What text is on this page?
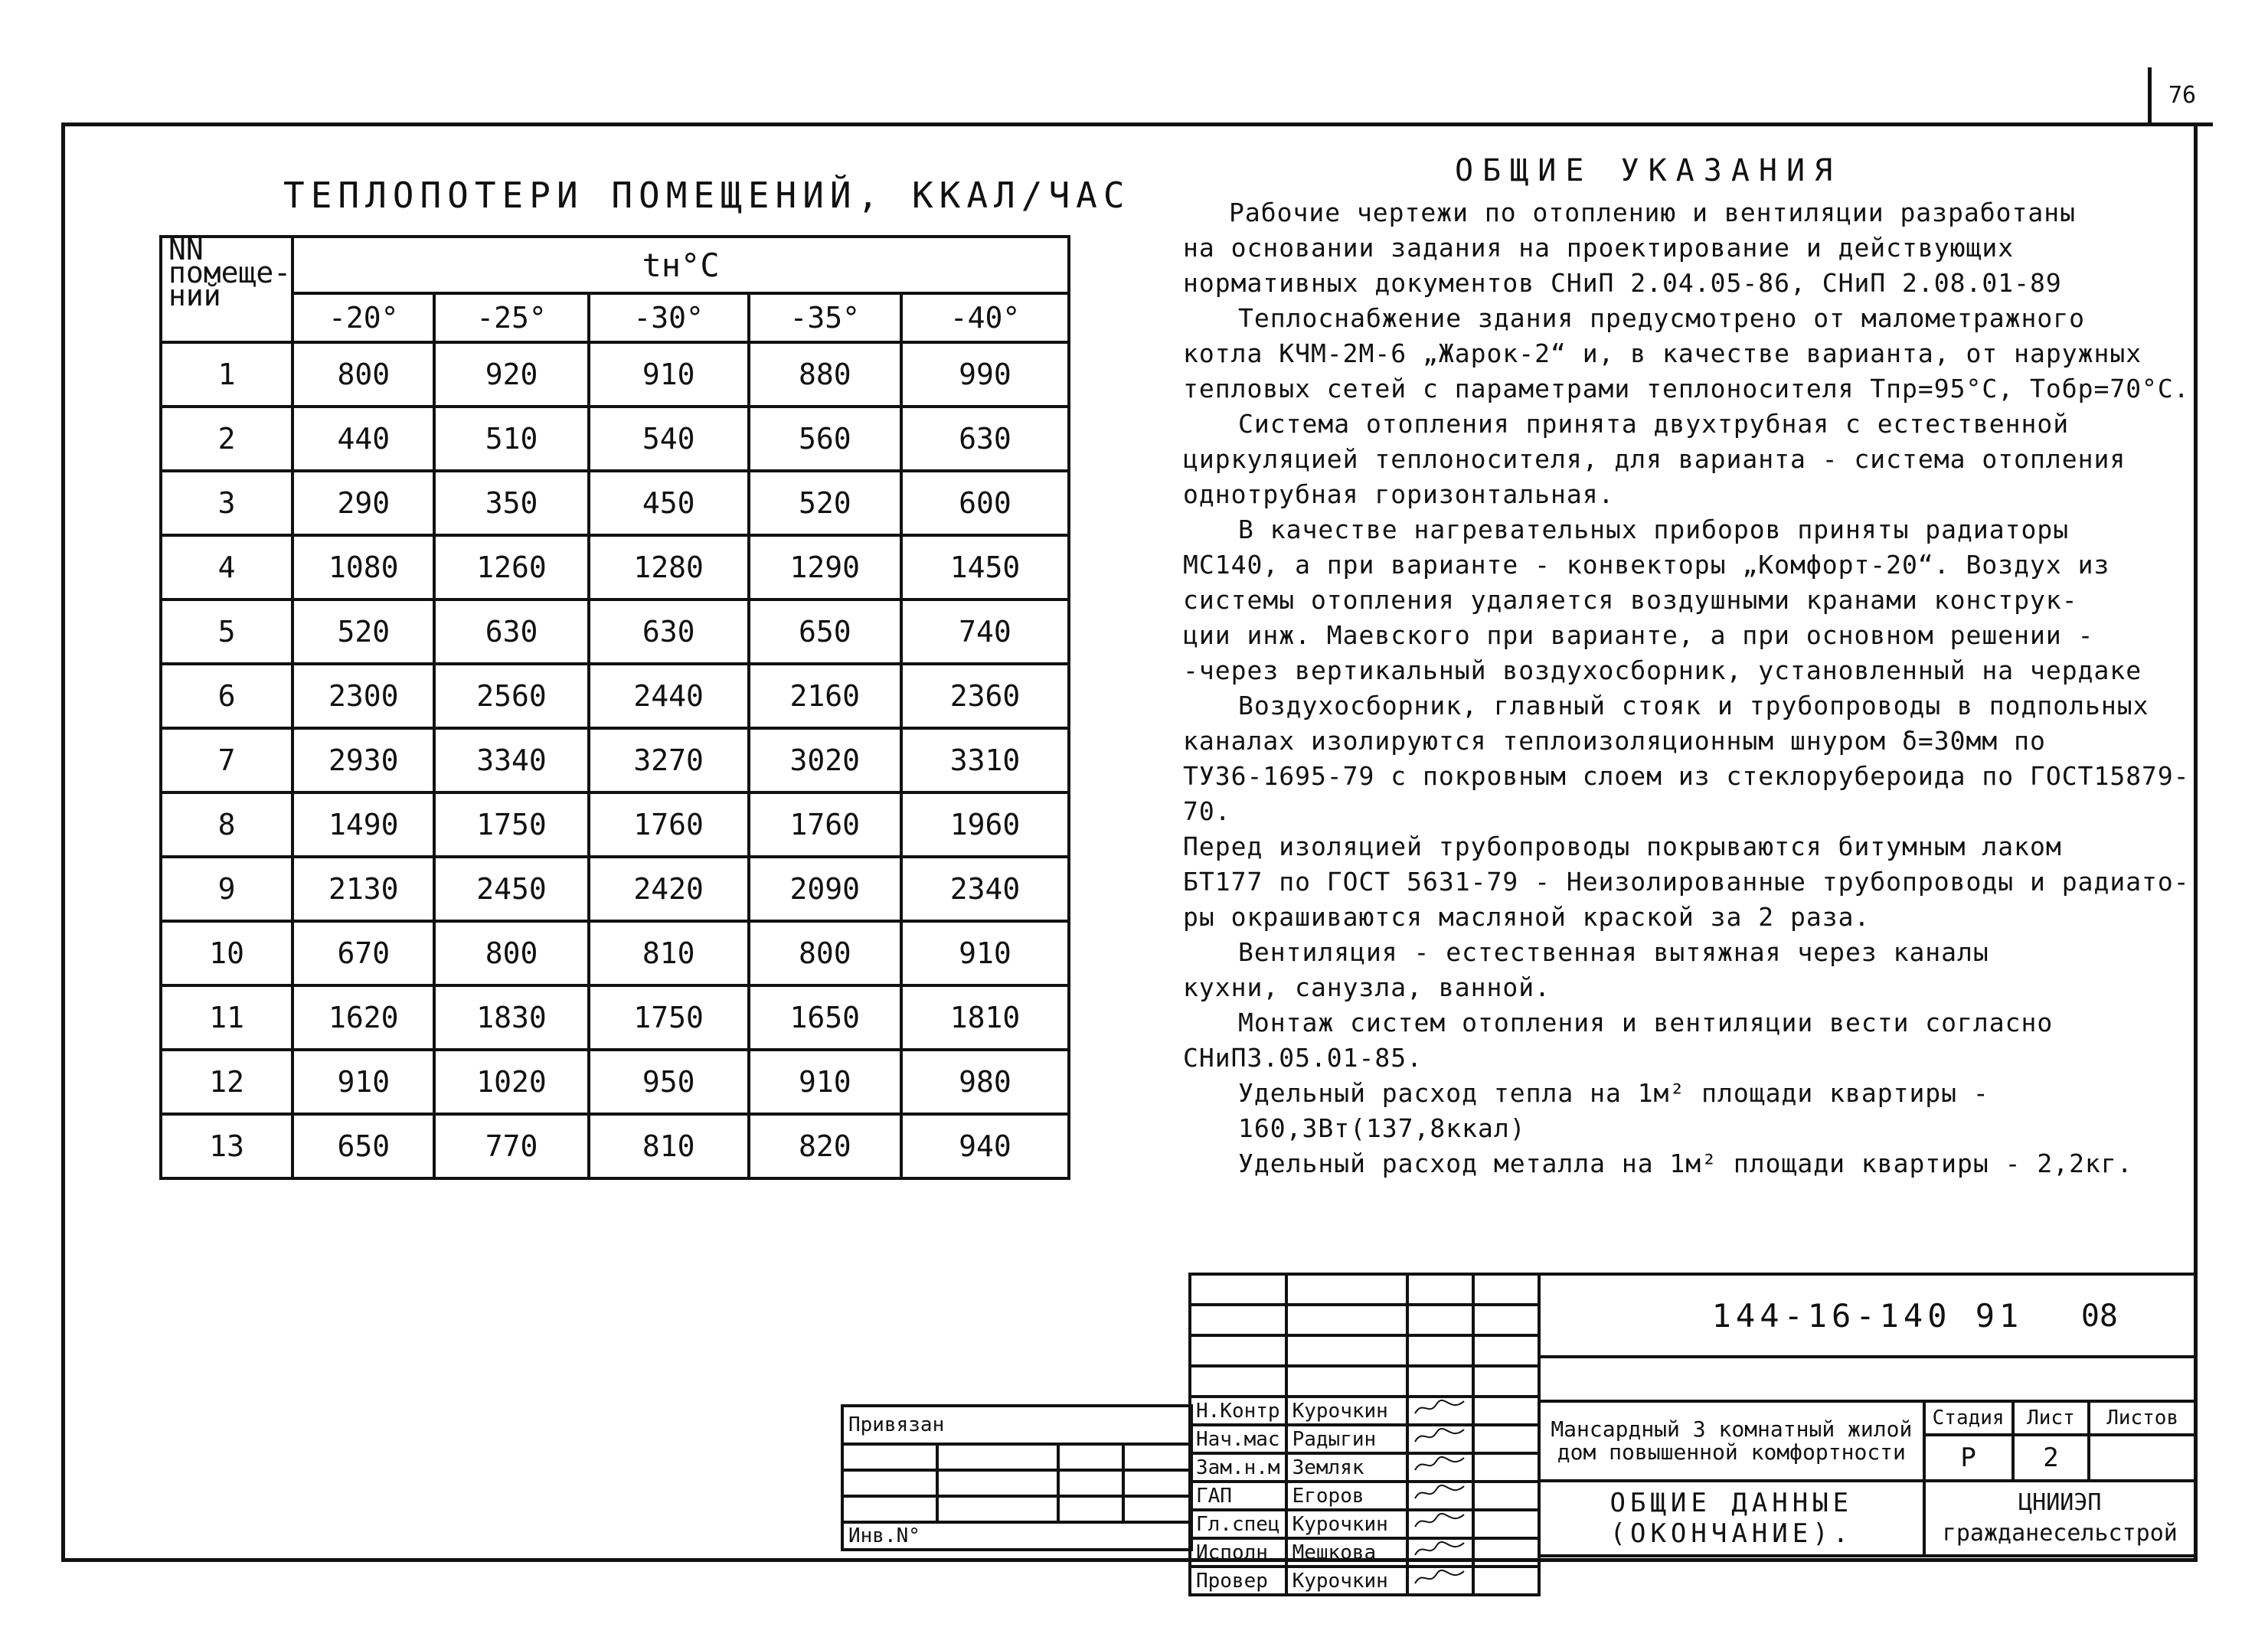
76
ТЕПЛОПОТЕРИ ПОМЕЩЕНИЙ, ККАЛ/ЧАС
NN помеще-ний	tн°C				
	-20°	-25°	-30°	-35°	-40°
1	800	920	910	880	990
2	440	510	540	560	630
3	290	350	450	520	600
4	1080	1260	1280	1290	1450
5	520	630	630	650	740
6	2300	2560	2440	2160	2360
7	2930	3340	3270	3020	3310
8	1490	1750	1760	1760	1960
9	2130	2450	2420	2090	2340
10	670	800	810	800	910
11	1620	1830	1750	1650	1810
12	910	1020	950	910	980
13	650	770	810	820	940
ОБЩИЕ УКАЗАНИЯ

Рабочие чертежи по отоплению и вентиляции разработаны

на основании задания на проектирование и действующих

нормативных документов СНиП 2.04.05-86, СНиП 2.08.01-89

Теплоснабжение здания предусмотрено от малометражного

котла КЧМ-2М-6 „Жарок-2“ и, в качестве варианта, от наружных

тепловых сетей с параметрами теплоносителя Тпр=95°С, Тобр=70°С.

Система отопления принята двухтрубная с естественной

циркуляцией теплоносителя, для варианта - система отопления

однотрубная горизонтальная.

В качестве нагревательных приборов приняты радиаторы

МС140, а при варианте - конвекторы „Комфорт-20“. Воздух из

системы отопления удаляется воздушными кранами конструк-

ции инж. Маевского при варианте, а при основном решении -

-через вертикальный воздухосборник, установленный на чердаке

Воздухосборник, главный стояк и трубопроводы в подпольных

каналах изолируются теплоизоляционным шнуром δ=30мм по

ТУ36-1695-79 с покровным слоем из стеклорубероида по ГОСТ15879-70.

Перед изоляцией трубопроводы покрываются битумным лаком

БТ177 по ГОСТ 5631-79 - Неизолированные трубопроводы и радиато-

ры окрашиваются масляной краской за 2 раза.

Вентиляция - естественная вытяжная через каналы

кухни, санузла, ванной.

Монтаж систем отопления и вентиляции вести согласно

СНиП3.05.01-85.

Удельный расход тепла на 1м² площади квартиры - 160,3Вт(137,8ккал)

Удельный расход металла на 1м² площади квартиры - 2,2кг.

Привязан			

Инв.N°			

Н.Контр	Курочкин		
Нач.мас	Радыгин		
Зам.н.м	Земляк		
ГАП	Егоров		
Гл.спец	Курочкин		
Исполн	Мешкова		
Провер	Курочкин		
144-16-140 91 08			

Мансардный 3 комнатный жилой дом повышенной комфортности	Стадия	Лист	Листов
	Р	2	
ОБЩИЕ ДАННЫЕ (ОКОНЧАНИЕ).	ЦНИИЭП гражданесельстрой		
